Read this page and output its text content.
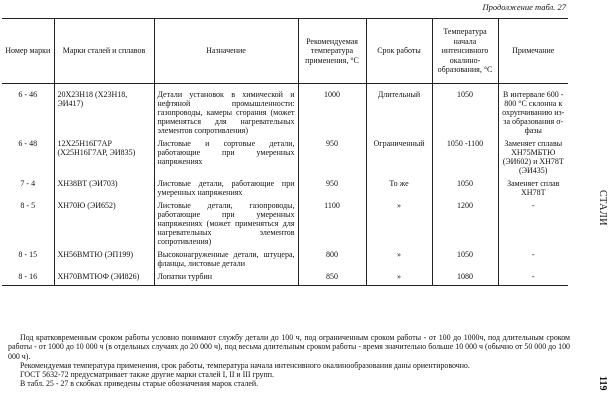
Продолжение табл. 27
Номер марки	Марки сталей и сплавов	Назначение	Рекомендуемая температура применения, °С	Срок работы	Температура начала интенсивного окалино-образования, °С	Примечание
6 - 46	20Х23Н18 (Х23Н18, ЭИ417)	Детали установок в химической и нефтяной промышленности: газопроводы, камеры сгорания (может применяться для нагревательных элементов сопротивления)	1000	Длительный	1050	В интервале 600 - 800 °С склонна к охрупчиванию из-за образования σ-фазы
6 - 48	12Х25Н16Г7АР (Х25Н16Г7АР, ЭИ835)	Листовые и сортовые детали, работающие при умеренных напряжениях	950	Ограниченный	1050 -1100	Заменяет сплавы ХН75МБТЮ (ЭИ602) и ХН78Т (ЭИ435)
7 - 4	ХН38ВТ (ЭИ703)	Листовые детали, работающие при умеренных напряжениях	950	То же	1050	Заменяет сплав ХН78Т
8 - 5	ХН70Ю (ЭИ652)	Листовые детали, газопроводы, работающие при умеренных напряжениях (может применяться для нагревательных элементов сопротивления)	1100	»	1200	-
8 - 15	ХН56ВМТЮ (ЭП199)	Высоконагруженные детали, штуцера, фланцы, листовые детали	800	»	1050	-
8 - 16	ХН70ВМТЮФ (ЭИ826)	Лопатки турбин	850	»	1080	-
Под кратковременным сроком работы условно понимают службу детали до 100 ч, под ограниченным сроком работы - от 100 до 1000ч, под длительным сроком работы - от 1000 до 10 000 ч (в отдельных случаях до 20 000 ч), под весьма длительным сроком работы - время значительно больше 10 000 ч (обычно от 50 000 до 100 000 ч).
Рекомендуемая температура применения, срок работы, температура начала интенсивного окалинообразования даны ориентировочно.
ГОСТ 5632-72 предусматривает также другие марки сталей I, II и III групп.
В табл. 25 - 27 в скобках приведены старые обозначения марок сталей.
СТАЛИ
119
